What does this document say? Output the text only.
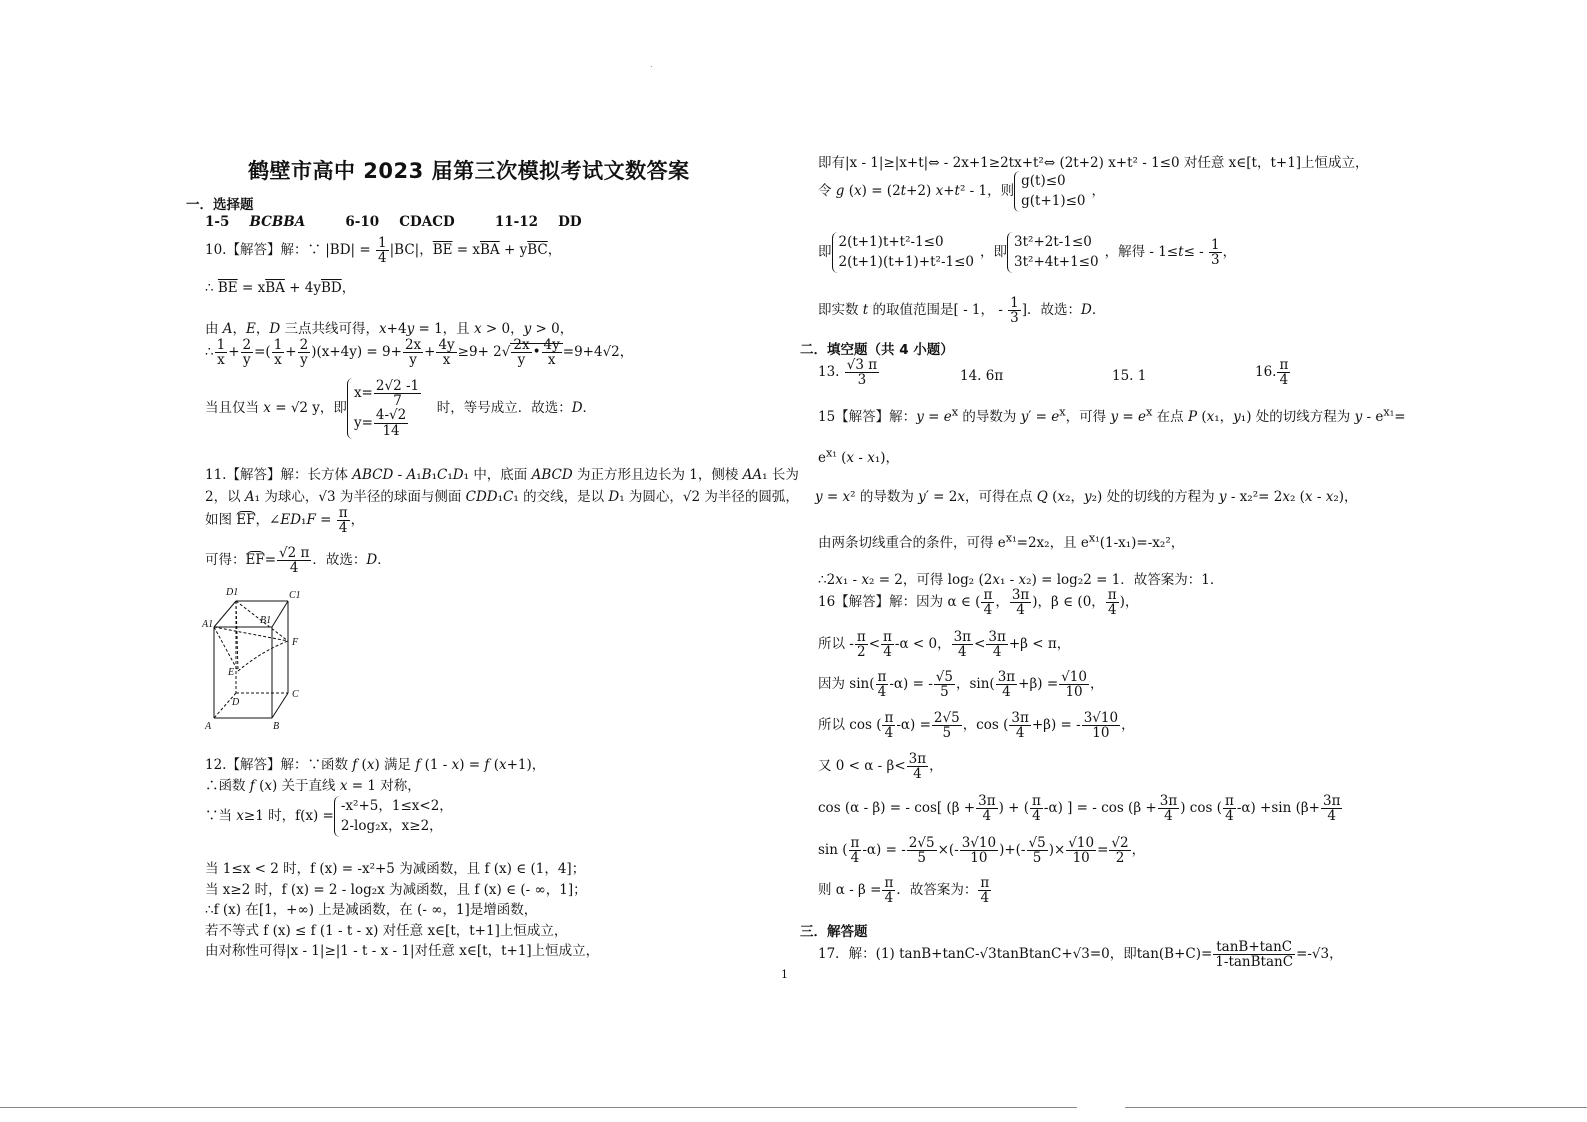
.
鹤壁市高中 2023 届第三次模拟考试文数答案
一．选择题
1-5   BCBBA      6-10   CDACD      11-12   DD
10.【解答】解：∵ $|BD| = \frac{1}{4} |BC|$，$\overline{BE} = x\overline{BA} + y\overline{BC}$，
∴ $\overline{BE} = x\overline{BA} + 4y\overline{BD}$，
由 A，E，D 三点共线可得，x+4y = 1，且 x > 0，y > 0，
∴ $\frac{1}{x} + \frac{2}{y}$ =( $\frac{1}{x} + \frac{2}{y} )(x+4y) = 9+ \frac{2x}{y} + \frac{4y}{x} \ge 9+ 2√ \frac{2x}{y}$ • $\frac{4y}{x} =9+4√2$，
当且仅当 x = √2 y，即$x= \frac{2√2 -1}{7}$

$y= \frac{4-√2}{14}$
时，等号成立．故选：D．
11.【解答】解：长方体 ABCD - A₁B₁C₁D₁ 中，底面 ABCD 为正方形且边长为 1，侧棱 AA₁ 长为
2，以 A₁ 为球心，√3 为半径的球面与侧面 CDD₁C₁ 的交线，是以 D₁ 为圆心，√2 为半径的圆弧，
如图 EF，∠ED₁F = $\frac{\pi}{4}$ ，
可得：$EF= \frac{√2 \pi}{4}$ ．故选：D．
D1	C1
A1	B1
F
E
D
C
A	B
12.【解答】解：∵函数 f (x) 满足 f (1 - x) = f (x+1)，
∴函数 f (x) 关于直线 x = 1 对称，
∵当 x≥1 时，f(x) =-x²+5，1≤x<2，
2-log₂x，x≥2，
当 1≤x < 2 时，f (x) = -x²+5 为减函数，且 f (x) ∈ (1，4]；
当 x≥2 时，f (x) = 2 - log₂x 为减函数，且 f (x) ∈ (- ∞，1]；
∴f (x) 在[1，+∞) 上是减函数，在 (- ∞，1]是增函数，
若不等式 f (x) ≤ f (1 - t - x) 对任意 x∈[t，t+1]上恒成立，
由对称性可得|x - 1|≥|1 - t - x - 1|对任意 x∈[t，t+1]上恒成立，
即有|x - 1|≥|x+t|⇔ - 2x+1≥2tx+t²⇔ (2t+2) x+t² - 1≤0 对任意 x∈[t，t+1]上恒成立，
令 g (x) = (2t+2) x+t² - 1，则g(t)≤0
g(t+1)≤0，
即2(t+1)t+t²-1≤0
2(t+1)(t+1)+t²-1≤0，即3t²+2t-1≤0
3t²+4t+1≤0，解得 - $1\le t\le - \frac{1}{3}$ ，
即实数 t 的取值范围是[ - 1， - $\frac{1}{3}$ ]．故选：D．
二．填空题（共 4 小题）
13. $\frac{√3 \pi}{3}$	14. 6π	15. 1	16. $\frac{\pi}{4}$
15【解答】解：$y = e^x$ 的导数为 $y' = e^x$，可得 $y = e^x$ 在点 P (x₁，y₁) 处的切线方程为 $y - e^{x_1}=$
$e^{x_1}$ (x - x₁)，
y = x² 的导数为 y′ = 2x，可得在点 Q (x₂，y₂) 处的切线的方程为 y - x₂²= 2x₂ (x - x₂)，
由两条切线重合的条件，可得 $e^{x_1}=2x_2$，且 $e^{x_1}(1-x_1)=$-x₂²，
∴2x₁ - x₂ = 2，可得 log₂ (2x₁ - x₂) = log₂2 = 1．故答案为：1．
16【解答】解：因为 α ∈ ( $\frac{\pi}{4}$ ， $\frac{3\pi}{4}$ )，β ∈ (0， $\frac{\pi}{4}$ )，
所以 - $\frac{\pi}{2} < \frac{\pi}{4} -\alpha < 0$， $\frac{3\pi}{4} < \frac{3\pi}{4} +\beta < \pi$，
因为 $\sin( \frac{\pi}{4} -\alpha)$ = - $\frac{√5}{5}$ ，$\sin( \frac{3\pi}{4} +\beta) = \frac{√10}{10}$ ，
所以 cos ( $\frac{\pi}{4} -\alpha) = \frac{2√5}{5}$ ，cos ( $\frac{3\pi}{4} +\beta$) = - $\frac{3√10}{10}$ ，
又 $0 < \alpha - \beta< \frac{3\pi}{4}$ ，
cos (α - β) = - cos[ ($\beta + \frac{3\pi}{4}$ ) + ( $\frac{\pi}{4} -\alpha$) ] = - $\cos (\beta + \frac{3\pi}{4}$ ) cos ( $\frac{\pi}{4} -\alpha) +\sin$ ($\beta+ \frac{3\pi}{4}$
sin ( $\frac{\pi}{4} -\alpha$) = - $\frac{2√5}{5}$ ×(- $\frac{3√10}{10}$ )+(- $\frac{√5}{5}$ )× $\frac{√10}{10} = \frac{√2}{2}$ ，
则 $\alpha - \beta = \frac{\pi}{4}$ ．故答案为： $\frac{\pi}{4}$
三．解答题
17．解：(1) tanB+tanC-√3tanBtanC+√3=0，即$\tan(B+C)= \frac{\tan B+\tan C}{\text{1-tanBtanC}} =-√3$，
1
